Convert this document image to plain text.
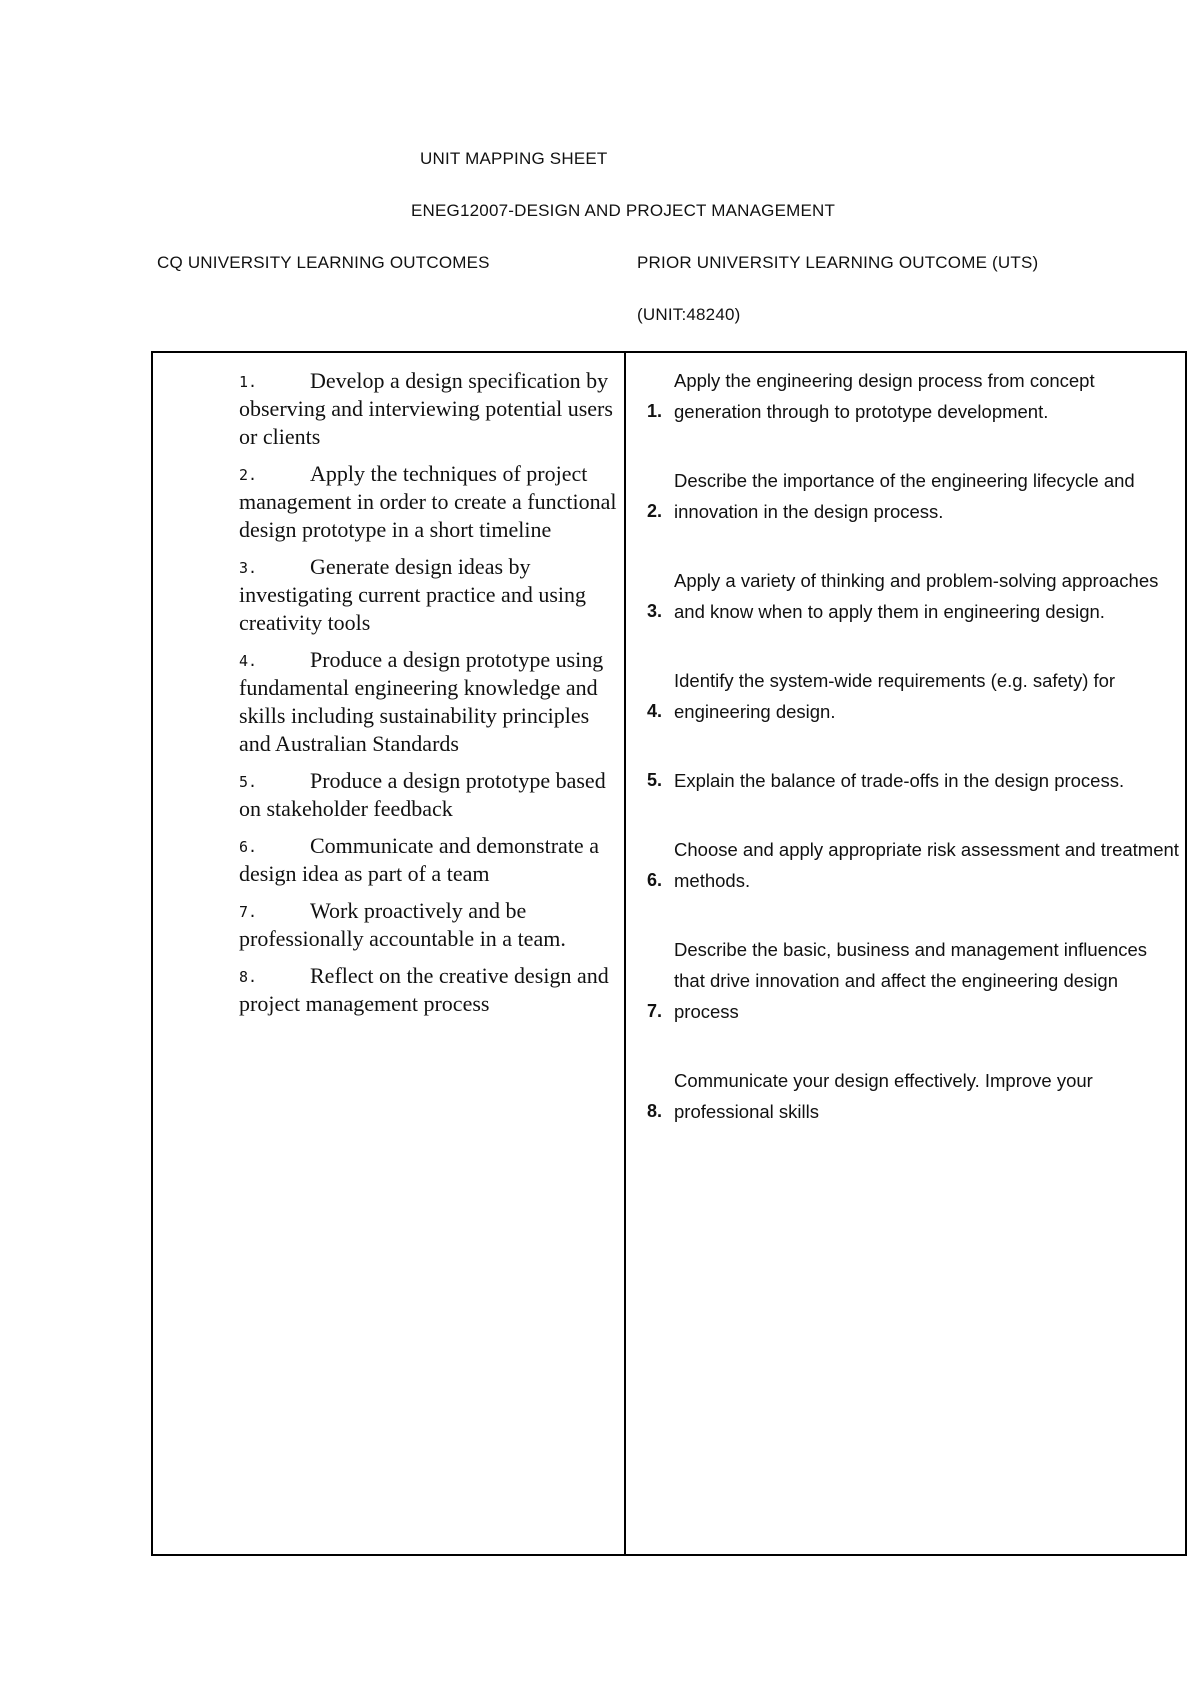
UNIT MAPPING SHEET
ENEG12007-DESIGN AND PROJECT MANAGEMENT
CQ UNIVERSITY LEARNING OUTCOMES	PRIOR UNIVERSITY LEARNING OUTCOME (UTS)
(UNIT:48240)
1.	Develop a design specification by observing and interviewing potential users or clients
2.	Apply the techniques of project management in order to create a functional design prototype in a short timeline
3.	Generate design ideas by investigating current practice and using creativity tools
4.	Produce a design prototype using fundamental engineering knowledge and skills including sustainability principles and Australian Standards
5.	Produce a design prototype based on stakeholder feedback
6.	Communicate and demonstrate a design idea as part of a team
7.	Work proactively and be professionally accountable in a team.
8.	Reflect on the creative design and project management process
1.
Apply the engineering design process from concept generation through to prototype development.
2.
Describe the importance of the engineering lifecycle and innovation in the design process.
3.
Apply a variety of thinking and problem-solving approaches and know when to apply them in engineering design.
4.
Identify the system-wide requirements (e.g. safety) for engineering design.
5. Explain the balance of trade-offs in the design process.
6.
Choose and apply appropriate risk assessment and treatment methods.
7.
Describe the basic, business and management influences that drive innovation and affect the engineering design process
8.
Communicate your design effectively. Improve your professional skills
